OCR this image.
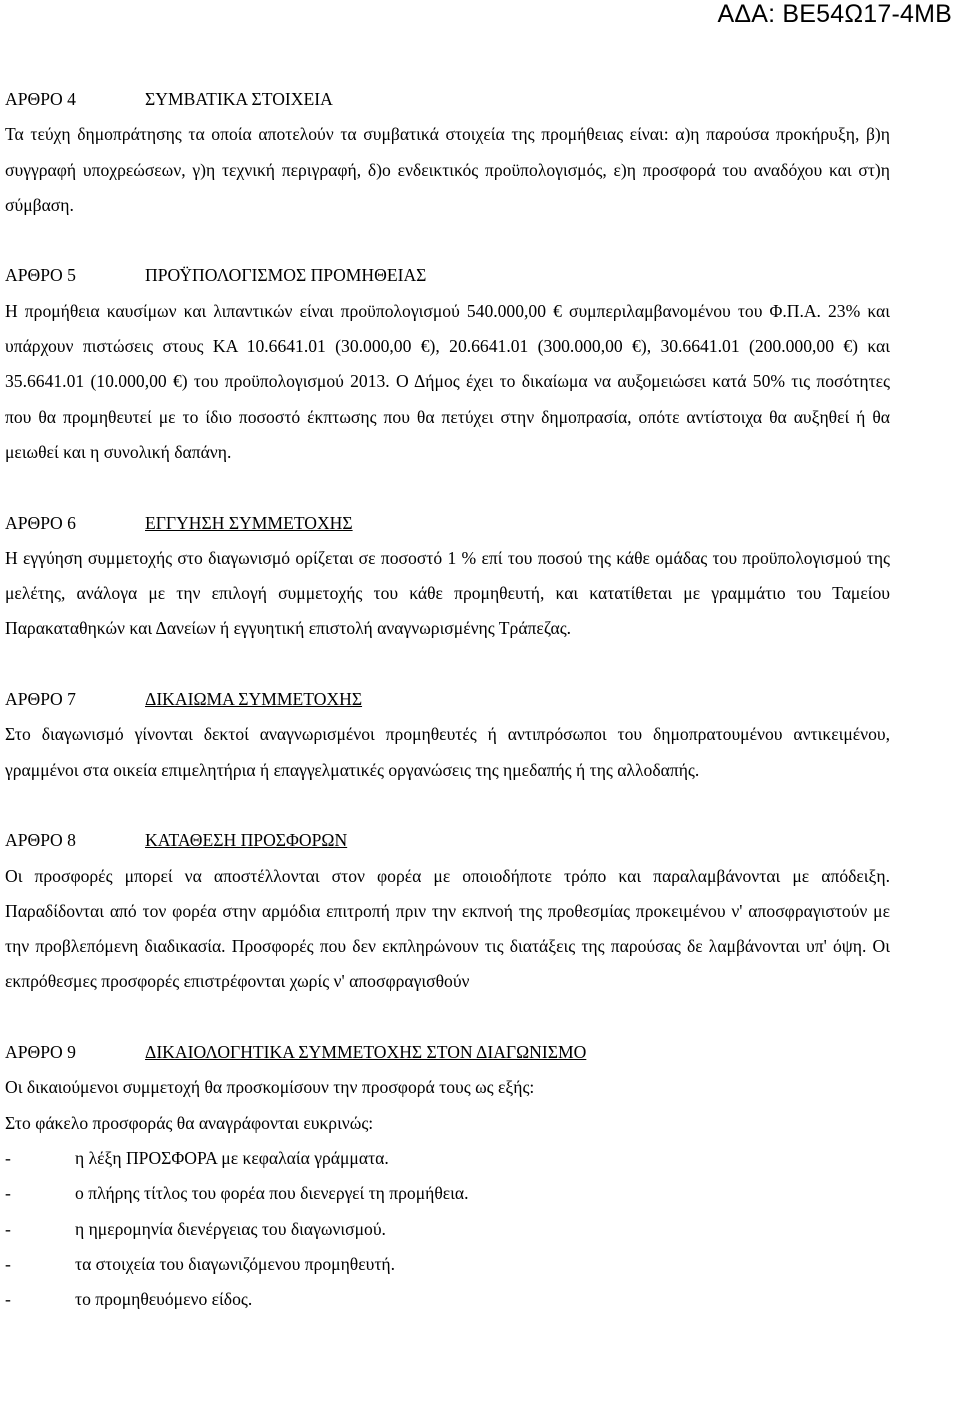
ΑΔΑ: ΒΕ54Ω17-4ΜΒ
ΑΡΘΡΟ 4	ΣΥΜΒΑΤΙΚΑ ΣΤΟΙΧΕΙΑ

Τα τεύχη δημοπράτησης τα οποία αποτελούν τα συμβατικά στοιχεία της προμήθειας είναι: α)η παρούσα προκήρυξη, β)η συγγραφή υποχρεώσεων, γ)η τεχνική περιγραφή, δ)ο ενδεικτικός προϋπολογισμός, ε)η προσφορά του αναδόχου και στ)η σύμβαση.

ΑΡΘΡΟ 5	ΠΡΟΫΠΟΛΟΓΙΣΜΟΣ ΠΡΟΜΗΘΕΙΑΣ

Η προμήθεια καυσίμων και λιπαντικών είναι προϋπολογισμού 540.000,00 € συμπεριλαμβανομένου του Φ.Π.Α. 23% και υπάρχουν πιστώσεις στους ΚΑ 10.6641.01 (30.000,00 €), 20.6641.01 (300.000,00 €), 30.6641.01 (200.000,00 €) και 35.6641.01 (10.000,00 €) του προϋπολογισμού 2013. Ο Δήμος έχει το δικαίωμα να αυξομειώσει κατά 50% τις ποσότητες που θα προμηθευτεί με το ίδιο ποσοστό έκπτωσης που θα πετύχει στην δημοπρασία, οπότε αντίστοιχα θα αυξηθεί ή θα μειωθεί και η συνολική δαπάνη.

ΑΡΘΡΟ 6	ΕΓΓΥΗΣΗ ΣΥΜΜΕΤΟΧΗΣ

Η εγγύηση συμμετοχής στο διαγωνισμό ορίζεται σε ποσοστό 1 % επί του ποσού της κάθε ομάδας του προϋπολογισμού της μελέτης, ανάλογα με την επιλογή συμμετοχής του κάθε προμηθευτή, και κατατίθεται με γραμμάτιο του Ταμείου Παρακαταθηκών και Δανείων ή εγγυητική επιστολή αναγνωρισμένης Τράπεζας.

ΑΡΘΡΟ 7	ΔΙΚΑΙΩΜΑ ΣΥΜΜΕΤΟΧΗΣ

Στο διαγωνισμό γίνονται δεκτοί αναγνωρισμένοι προμηθευτές ή αντιπρόσωποι του δημοπρατουμένου αντικειμένου, γραμμένοι στα οικεία επιμελητήρια ή επαγγελματικές οργανώσεις της ημεδαπής ή της αλλοδαπής.

ΑΡΘΡΟ 8	ΚΑΤΑΘΕΣΗ ΠΡΟΣΦΟΡΩΝ

Οι προσφορές μπορεί να αποστέλλονται στον φορέα με οποιοδήποτε τρόπο και παραλαμβάνονται με απόδειξη. Παραδίδονται από τον φορέα στην αρμόδια επιτροπή πριν την εκπνοή της προθεσμίας προκειμένου ν' αποσφραγιστούν με την προβλεπόμενη διαδικασία. Προσφορές που δεν εκπληρώνουν τις διατάξεις της παρούσας δε λαμβάνονται υπ' όψη. Οι εκπρόθεσμες προσφορές επιστρέφονται χωρίς ν' αποσφραγισθούν

ΑΡΘΡΟ 9	ΔΙΚΑΙΟΛΟΓΗΤΙΚΑ ΣΥΜΜΕΤΟΧΗΣ ΣΤΟΝ ΔΙΑΓΩΝΙΣΜΟ
Οι δικαιούμενοι συμμετοχή θα προσκομίσουν την προσφορά τους ως εξής:
Στο φάκελο προσφοράς θα αναγράφονται ευκρινώς:
-	η λέξη ΠΡΟΣΦΟΡΑ με κεφαλαία γράμματα.
-	ο πλήρης τίτλος του φορέα που διενεργεί τη προμήθεια.
-	η ημερομηνία διενέργειας του διαγωνισμού.
-	τα στοιχεία του διαγωνιζόμενου προμηθευτή.
-	το προμηθευόμενο είδος.
